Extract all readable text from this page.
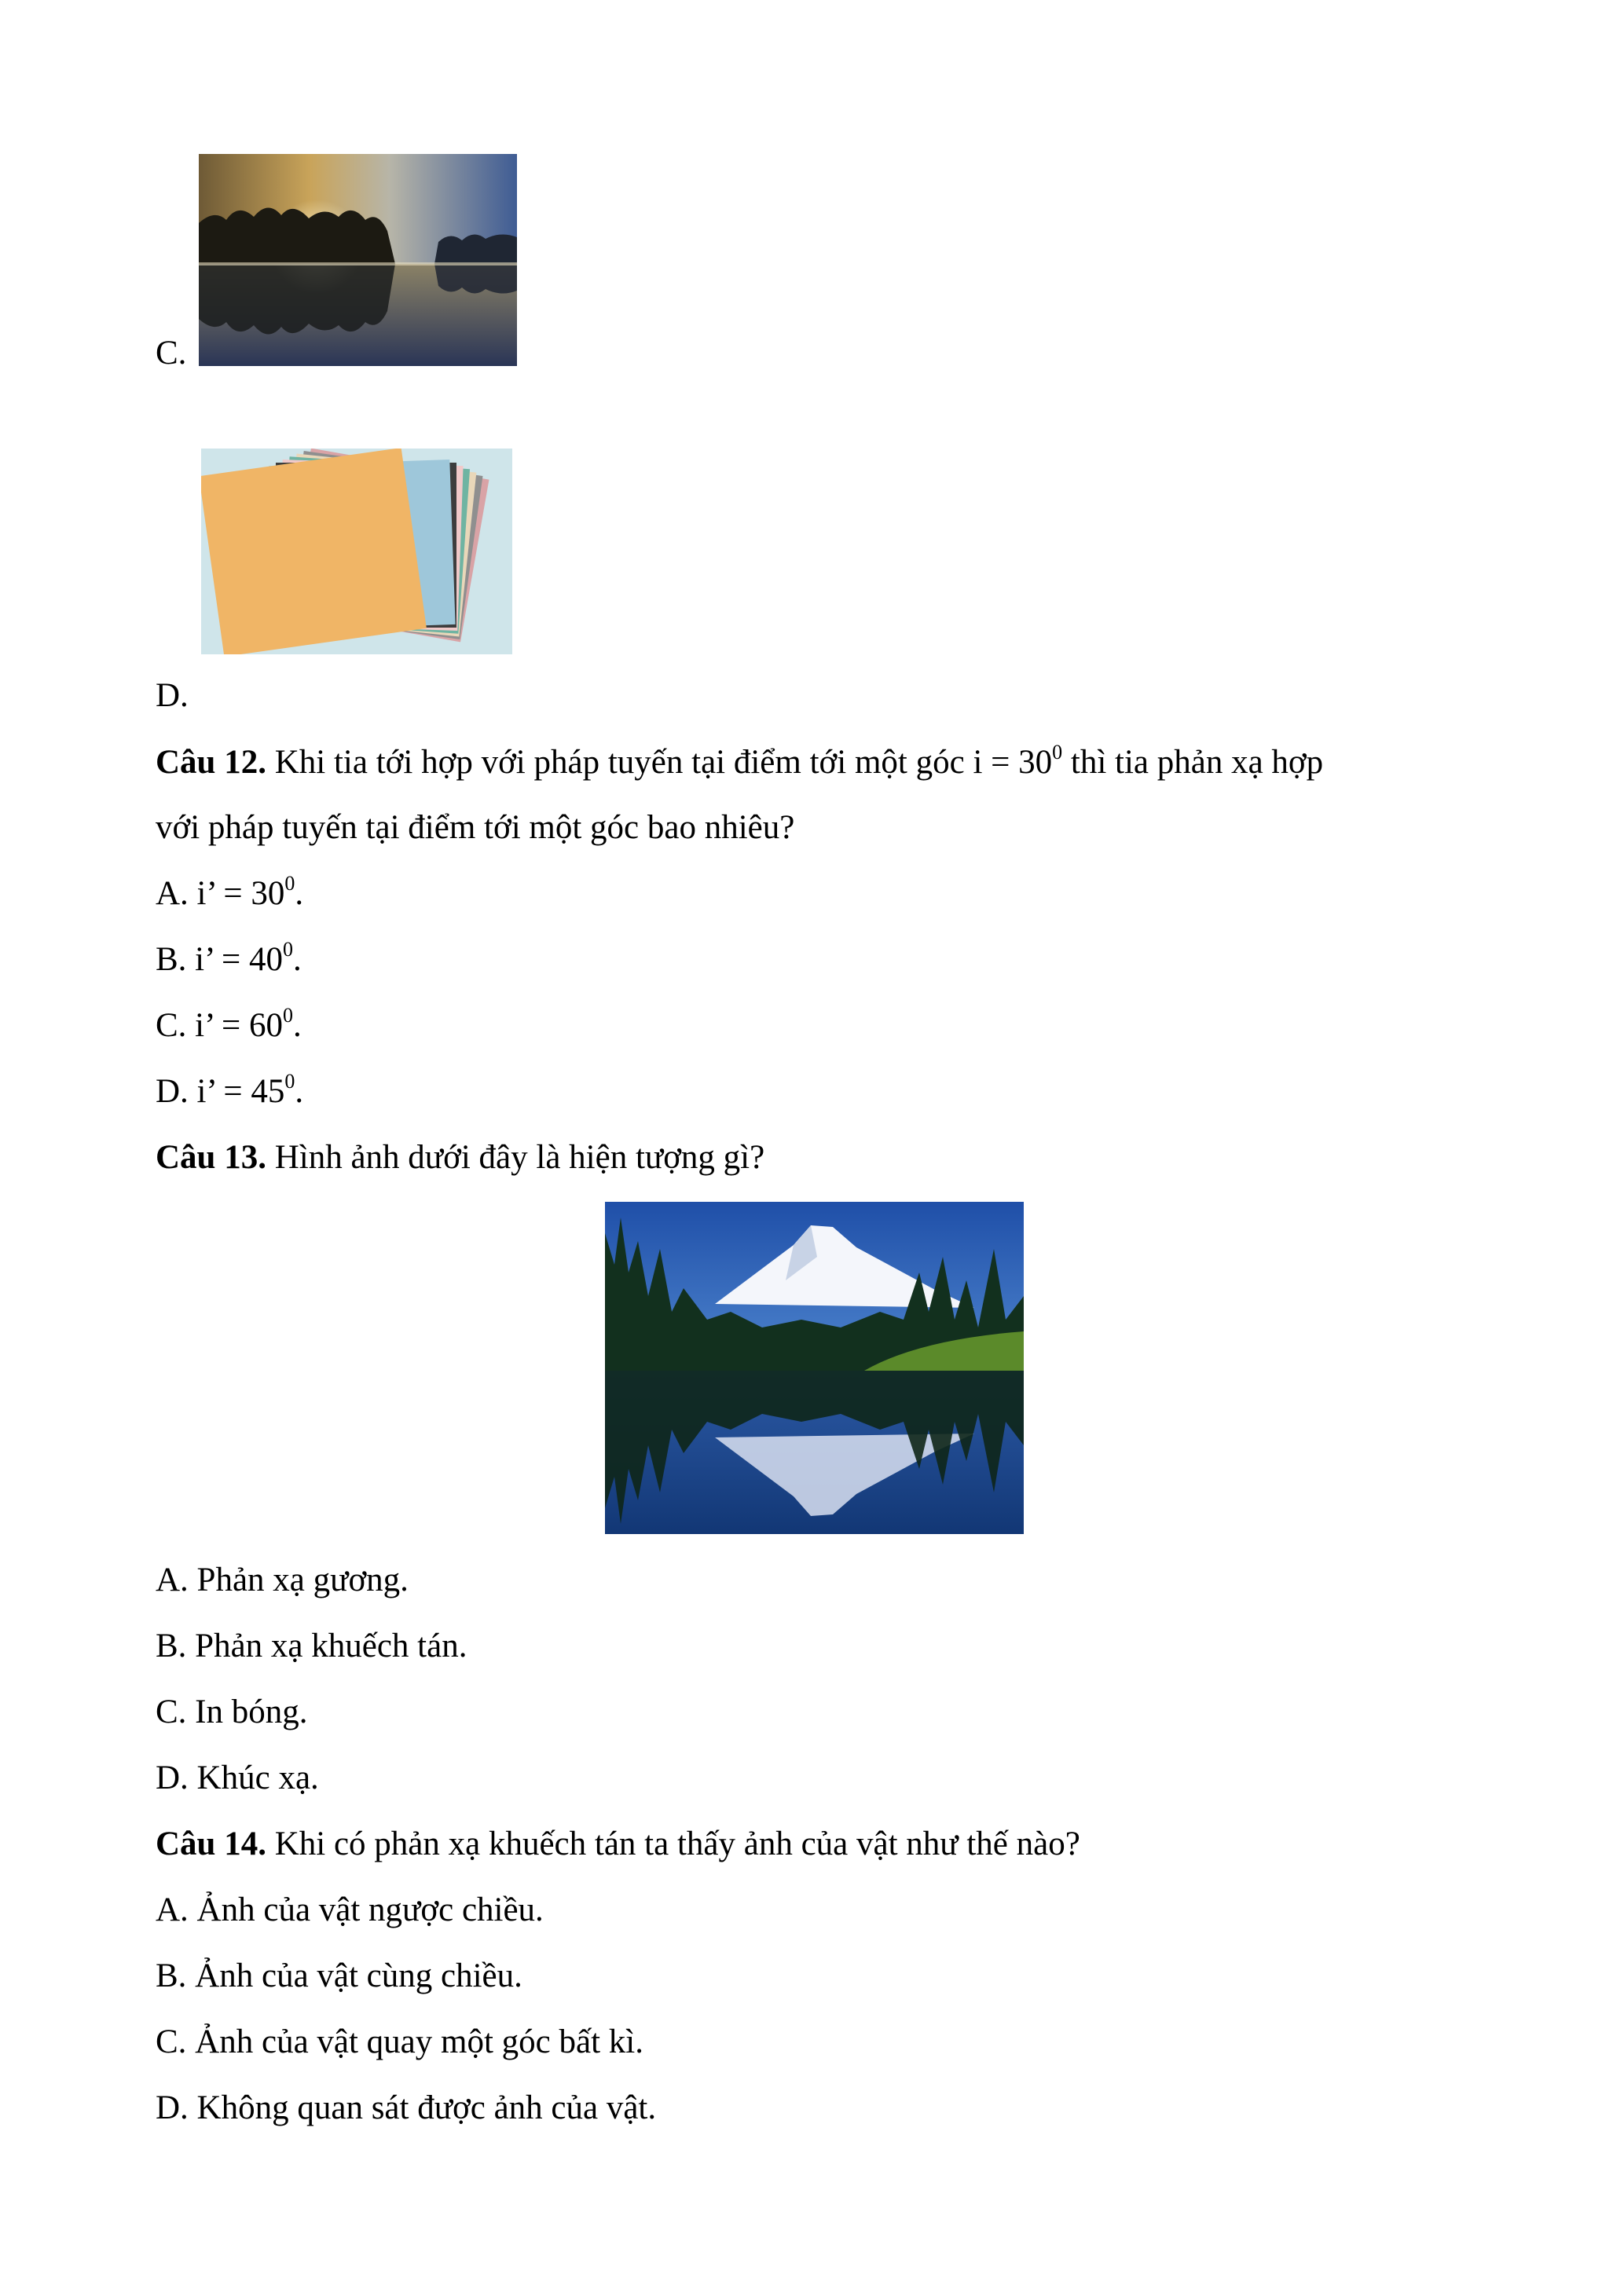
C.
D.
Câu 12. Khi tia tới hợp với pháp tuyến tại điểm tới một góc $i = 30^0$ thì tia phản xạ hợp
với pháp tuyến tại điểm tới một góc bao nhiêu?
A. i’ = $30^0$.
B. i’ = $40^0$.
C. i’ = $60^0$.
D. i’ = $45^0$.
Câu 13. Hình ảnh dưới đây là hiện tượng gì?
A. Phản xạ gương.
B. Phản xạ khuếch tán.
C. In bóng.
D. Khúc xạ.
Câu 14. Khi có phản xạ khuếch tán ta thấy ảnh của vật như thế nào?
A. Ảnh của vật ngược chiều.
B. Ảnh của vật cùng chiều.
C. Ảnh của vật quay một góc bất kì.
D. Không quan sát được ảnh của vật.
